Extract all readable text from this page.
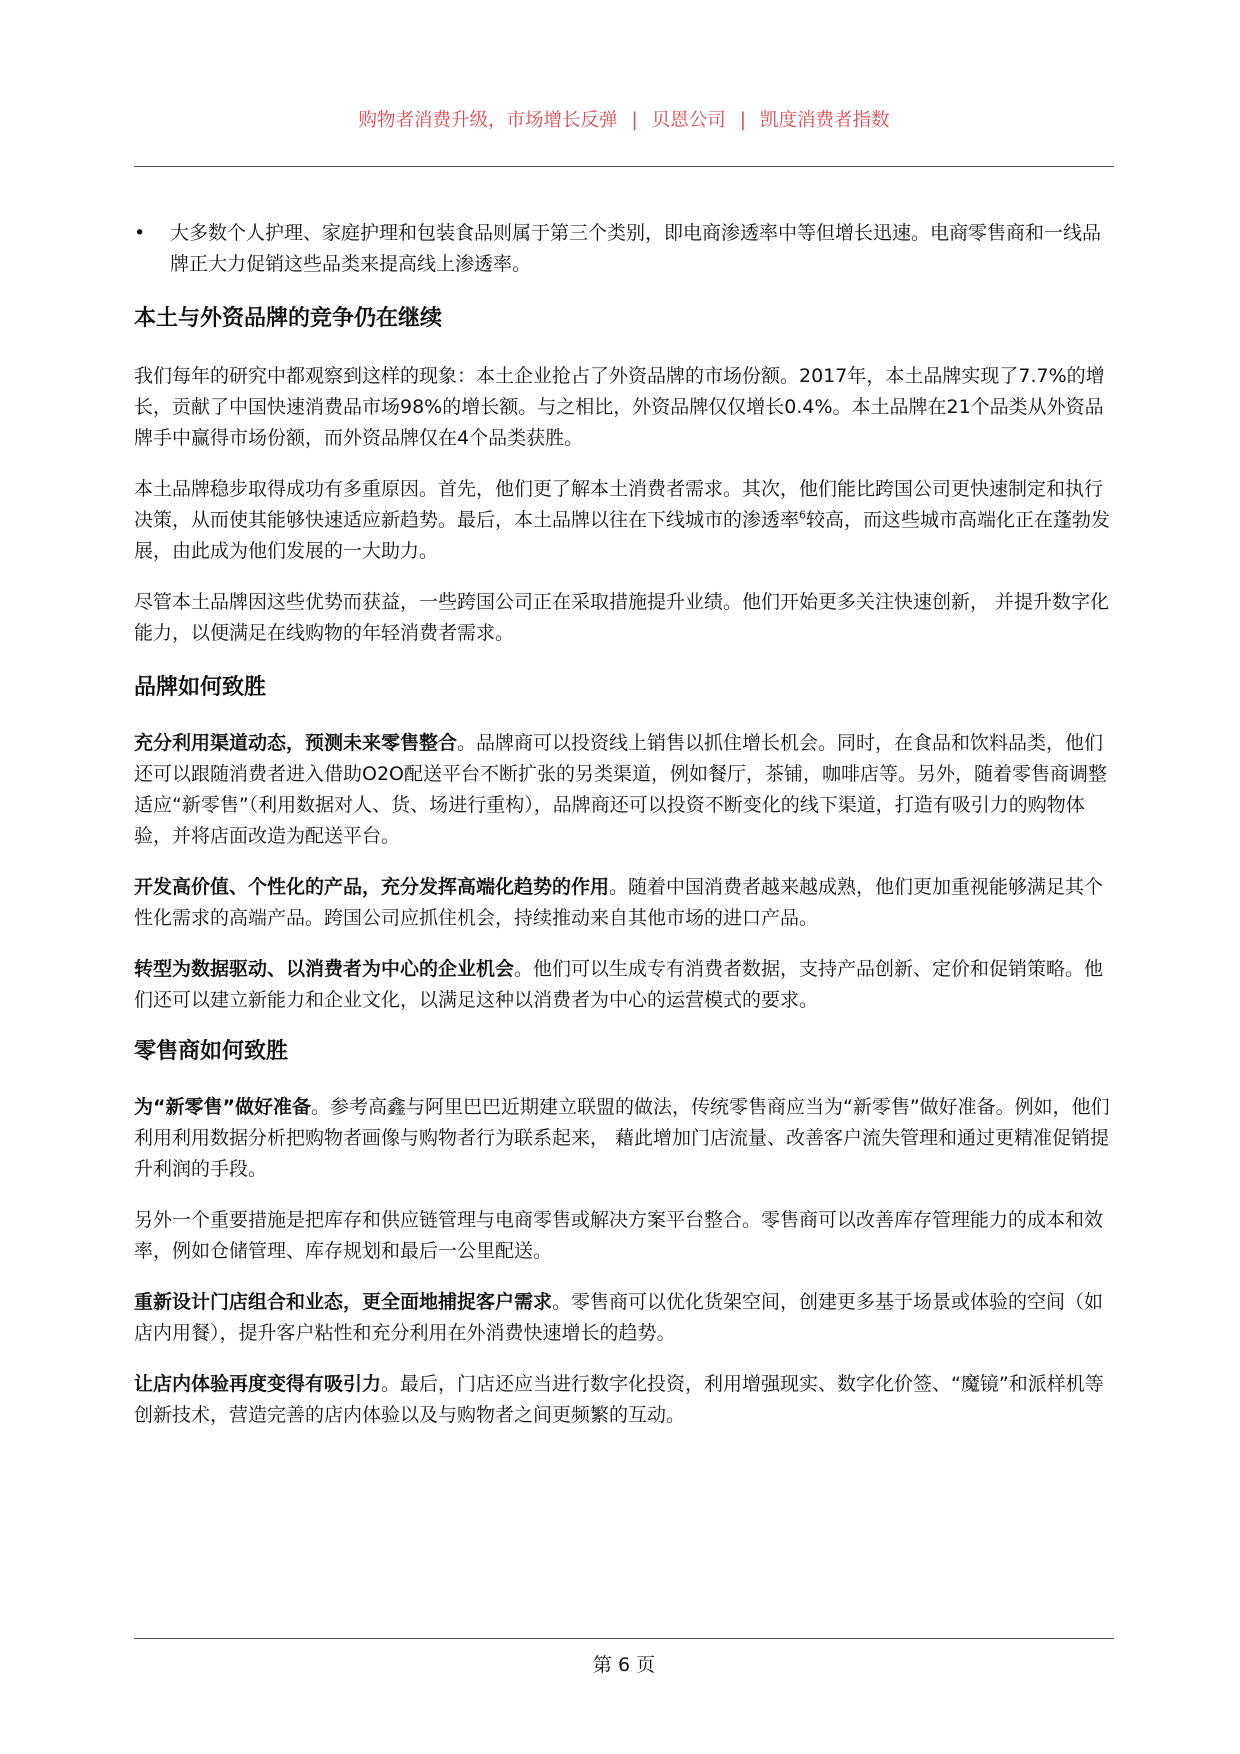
购物者消费升级，市场增长反弹 | 贝恩公司 | 凯度消费者指数
• 大多数个人护理、家庭护理和包装食品则属于第三个类别，即电商渗透率中等但增长迅速。电商零售商和一线品牌正大力促销这些品类来提高线上渗透率。
本土与外资品牌的竞争仍在继续

我们每年的研究中都观察到这样的现象：本土企业抢占了外资品牌的市场份额。2017年，本土品牌实现了7.7%的增长，贡献了中国快速消费品市场98%的增长额。与之相比，外资品牌仅仅增长0.4%。本土品牌在21个品类从外资品牌手中赢得市场份额，而外资品牌仅在4个品类获胜。

本土品牌稳步取得成功有多重原因。首先，他们更了解本土消费者需求。其次，他们能比跨国公司更快速制定和执行决策，从而使其能够快速适应新趋势。最后，本土品牌以往在下线城市的渗透率$^6$较高，而这些城市高端化正在蓬勃发展，由此成为他们发展的一大助力。

尽管本土品牌因这些优势而获益，一些跨国公司正在采取措施提升业绩。他们开始更多关注快速创新， 并提升数字化能力，以便满足在线购物的年轻消费者需求。

品牌如何致胜

充分利用渠道动态，预测未来零售整合。品牌商可以投资线上销售以抓住增长机会。同时，在食品和饮料品类，他们还可以跟随消费者进入借助O2O配送平台不断扩张的另类渠道，例如餐厅，茶铺，咖啡店等。另外，随着零售商调整适应“新零售”（利用数据对人、货、场进行重构），品牌商还可以投资不断变化的线下渠道，打造有吸引力的购物体验，并将店面改造为配送平台。

开发高价值、个性化的产品，充分发挥高端化趋势的作用。随着中国消费者越来越成熟，他们更加重视能够满足其个性化需求的高端产品。跨国公司应抓住机会，持续推动来自其他市场的进口产品。

转型为数据驱动、以消费者为中心的企业机会。他们可以生成专有消费者数据，支持产品创新、定价和促销策略。他们还可以建立新能力和企业文化，以满足这种以消费者为中心的运营模式的要求。

零售商如何致胜

为“新零售”做好准备。参考高鑫与阿里巴巴近期建立联盟的做法，传统零售商应当为“新零售”做好准备。例如，他们利用利用数据分析把购物者画像与购物者行为联系起来， 藉此增加门店流量、改善客户流失管理和通过更精准促销提升利润的手段。

另外一个重要措施是把库存和供应链管理与电商零售或解决方案平台整合。零售商可以改善库存管理能力的成本和效率，例如仓储管理、库存规划和最后一公里配送。

重新设计门店组合和业态，更全面地捕捉客户需求。零售商可以优化货架空间，创建更多基于场景或体验的空间（如店内用餐），提升客户粘性和充分利用在外消费快速增长的趋势。

让店内体验再度变得有吸引力。最后，门店还应当进行数字化投资，利用增强现实、数字化价签、“魔镜”和派样机等创新技术，营造完善的店内体验以及与购物者之间更频繁的互动。

第 6 页
